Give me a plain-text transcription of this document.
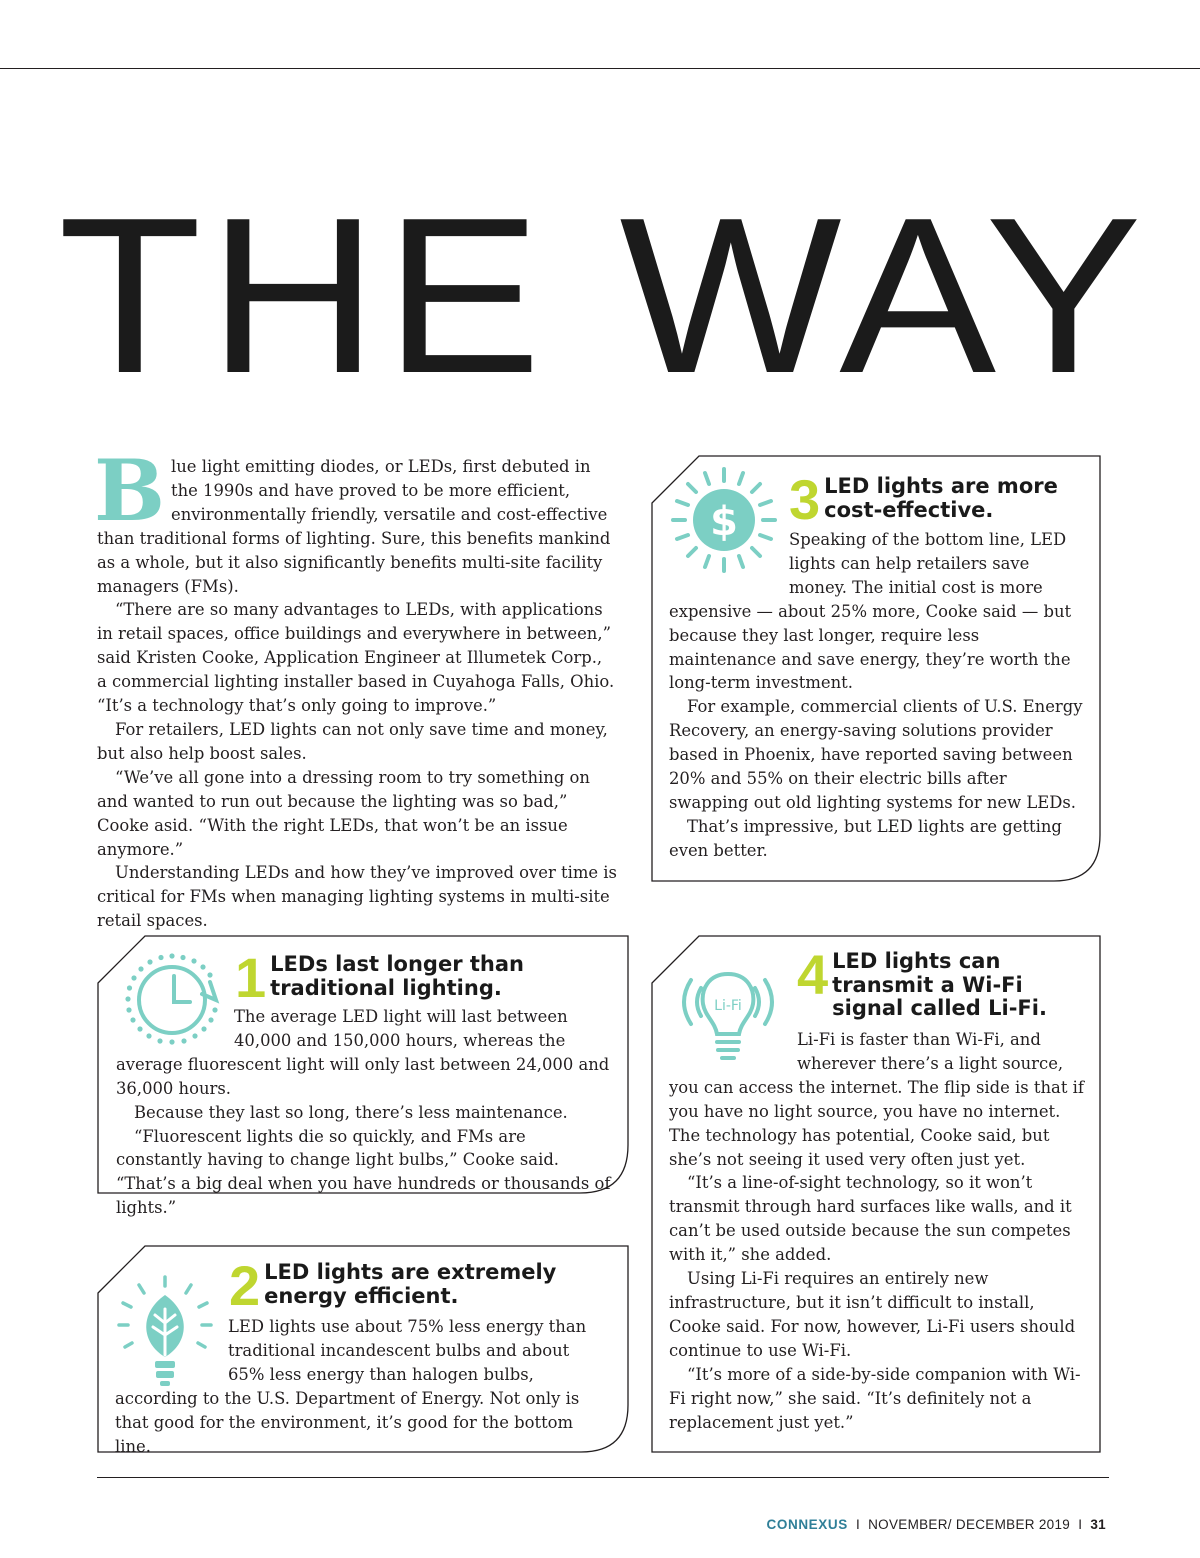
THE WAY

Blue light emitting diodes, or LEDs, first debuted in the 1990s and have proved to be more efficient, environmentally friendly, versatile and cost-effective than traditional forms of lighting. Sure, this benefits mankind as a whole, but it also significantly benefits multi-site facility managers (FMs).

“There are so many advantages to LEDs, with applications in retail spaces, office buildings and everywhere in between,” said Kristen Cooke, Application Engineer at Illumetek Corp., a commercial lighting installer based in Cuyahoga Falls, Ohio. “It’s a technology that’s only going to improve.”

For retailers, LED lights can not only save time and money, but also help boost sales.

“We’ve all gone into a dressing room to try something on and wanted to run out because the lighting was so bad,” Cooke asid. “With the right LEDs, that won’t be an issue anymore.”

Understanding LEDs and how they’ve improved over time is critical for FMs when managing lighting systems in multi-site retail spaces.

$ 3 LED lights are more cost-effective.

Speaking of the bottom line, LED lights can help retailers save money. The initial cost is more expensive — about 25% more, Cooke said — but because they last longer, require less maintenance and save energy, they’re worth the long-term investment.

For example, commercial clients of U.S. Energy Recovery, an energy-saving solutions provider based in Phoenix, have reported saving between 20% and 55% on their electric bills after swapping out old lighting systems for new LEDs.

That’s impressive, but LED lights are getting even better.

1 LEDs last longer than traditional lighting.

The average LED light will last between 40,000 and 150,000 hours, whereas the average fluorescent light will only last between 24,000 and 36,000 hours.

Because they last so long, there’s less maintenance.

“Fluorescent lights die so quickly, and FMs are constantly having to change light bulbs,” Cooke said. “That’s a big deal when you have hundreds or thousands of lights.”

Li-Fi 4 LED lights can transmit a Wi-Fi signal called Li-Fi.

Li-Fi is faster than Wi-Fi, and wherever there’s a light source, you can access the internet. The flip side is that if you have no light source, you have no internet. The technology has potential, Cooke said, but she’s not seeing it used very often just yet.

“It’s a line-of-sight technology, so it won’t transmit through hard surfaces like walls, and it can’t be used outside because the sun competes with it,” she added.

Using Li-Fi requires an entirely new infrastructure, but it isn’t difficult to install, Cooke said. For now, however, Li-Fi users should continue to use Wi-Fi.

“It’s more of a side-by-side companion with Wi-Fi right now,” she said. “It’s definitely not a replacement just yet.”

2 LED lights are extremely energy efficient.

LED lights use about 75% less energy than traditional incandescent bulbs and about 65% less energy than halogen bulbs, according to the U.S. Department of Energy. Not only is that good for the environment, it’s good for the bottom line.

CONNEXUS I NOVEMBER/ DECEMBER 2019 I 31
